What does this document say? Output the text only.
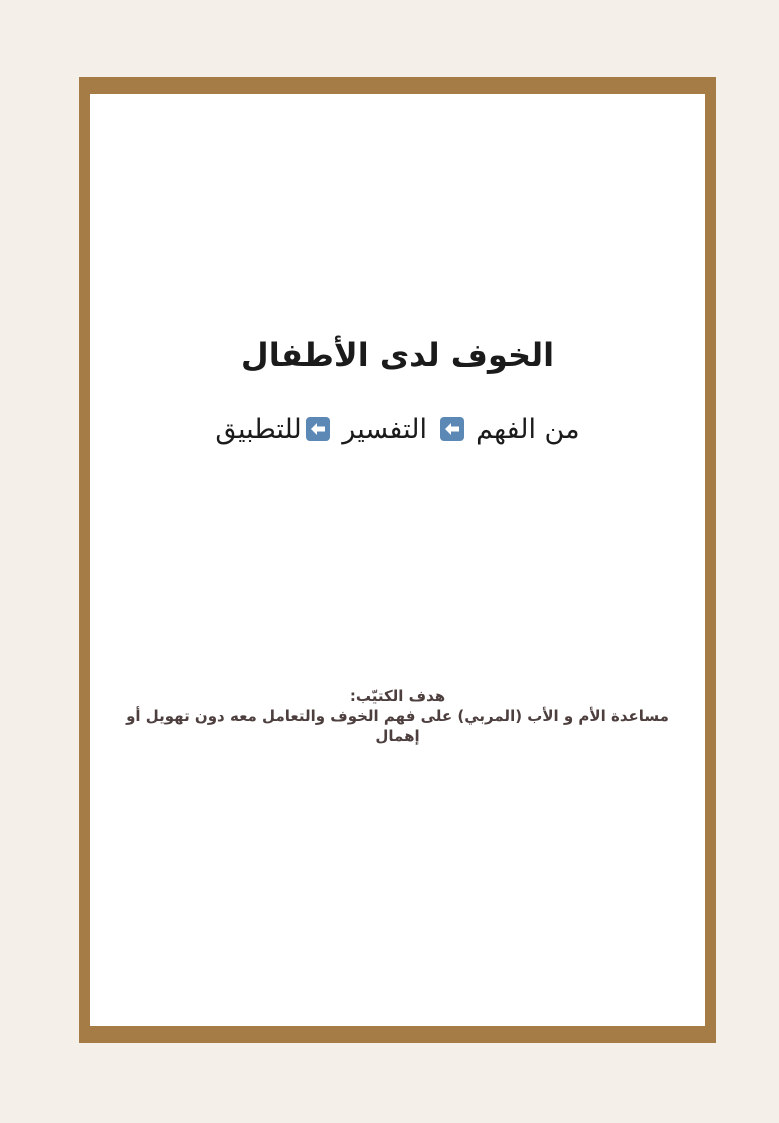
الخوف لدى الأطفال

من الفهم
التفسير
للتطبيق

هدف الكتيّب:
مساعدة الأم و الأب (المربي) على فهم الخوف والتعامل معه دون تهويل أو إهمال
